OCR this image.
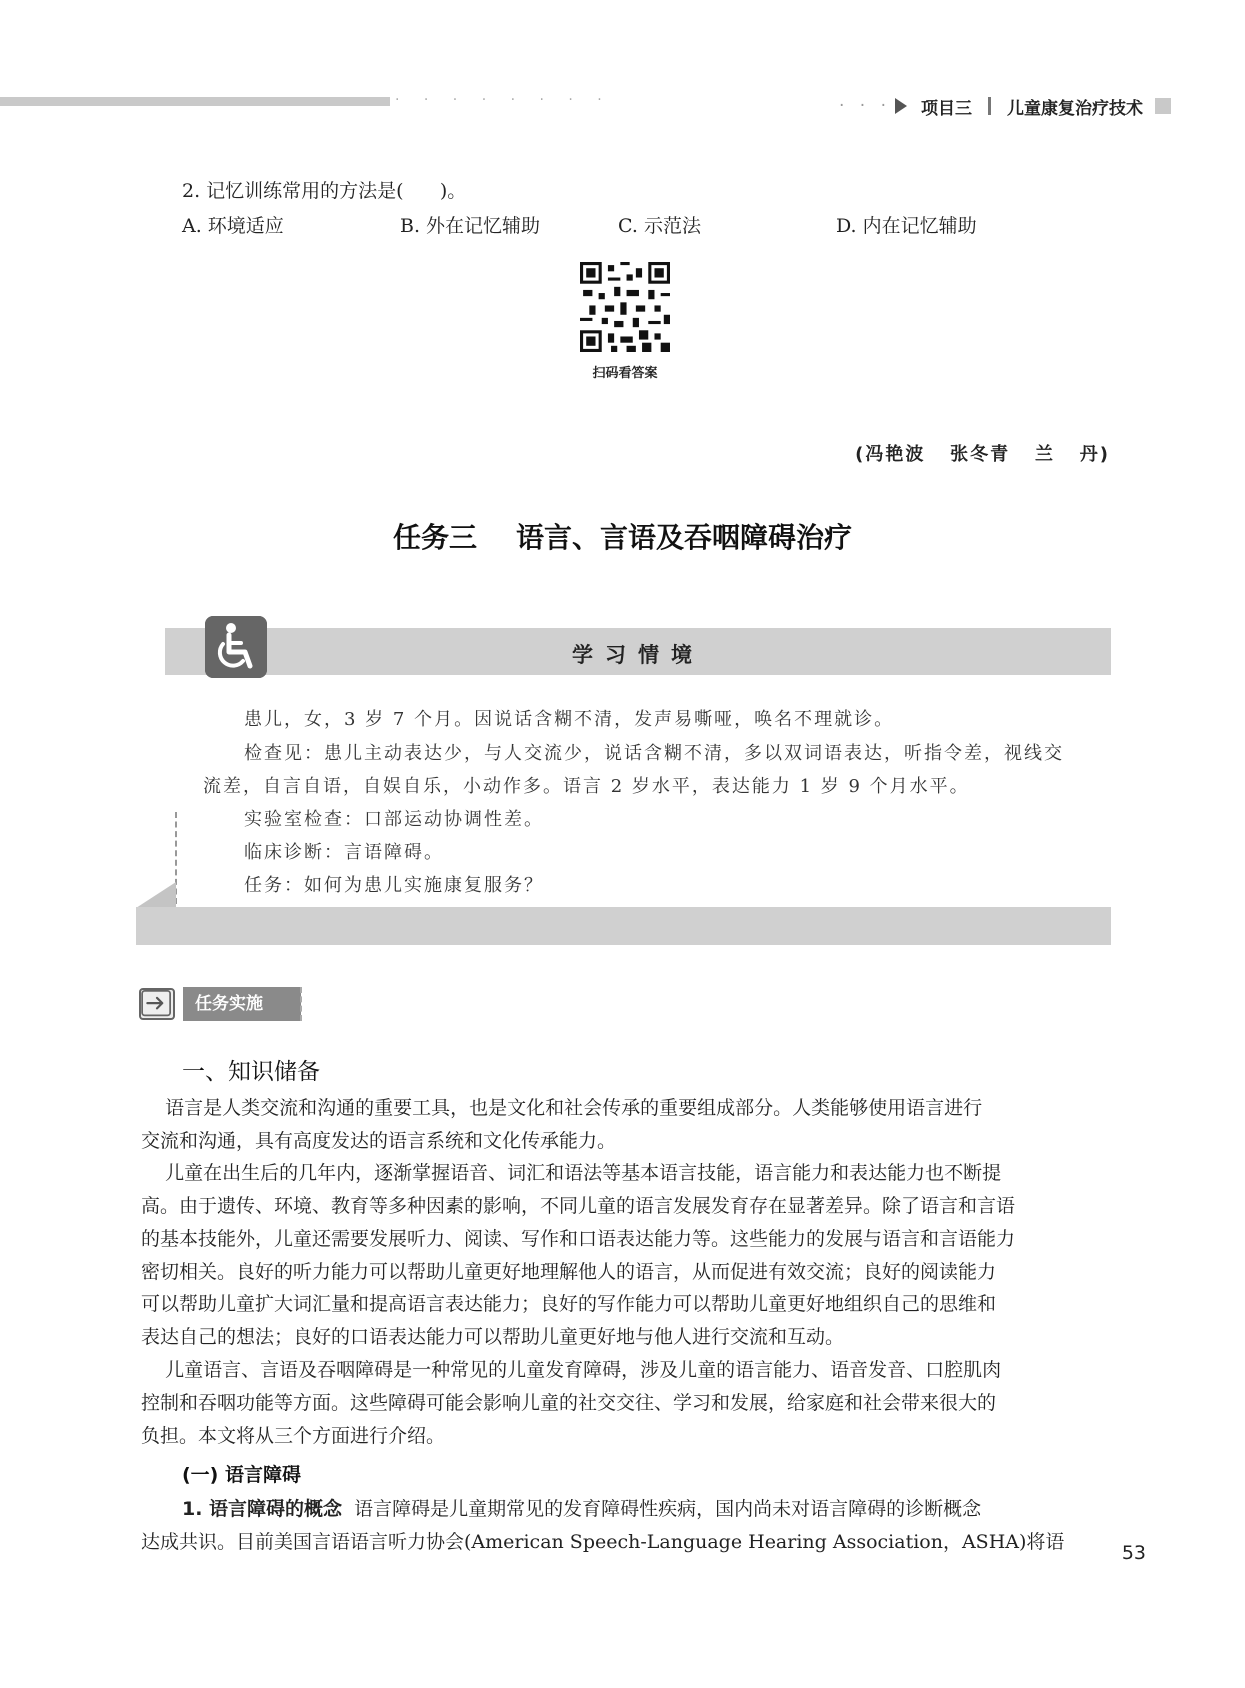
· · · · · · · ·	· · · 项目三 儿童康复治疗技术
2. 记忆训练常用的方法是(      )。
A. 环境适应	B. 外在记忆辅助	C. 示范法	D. 内在记忆辅助
扫码看答案
(冯艳波   张冬青   兰   丹)
任务三    语言、言语及吞咽障碍治疗
学习情境
患儿，女，3 岁 7 个月。因说话含糊不清，发声易嘶哑，唤名不理就诊。
检查见：患儿主动表达少，与人交流少，说话含糊不清，多以双词语表达，听指令差，视线交
流差，自言自语，自娱自乐，小动作多。语言 2 岁水平，表达能力 1 岁 9 个月水平。
实验室检查：口部运动协调性差。
临床诊断：言语障碍。
任务：如何为患儿实施康复服务？
任务实施
一、知识储备
语言是人类交流和沟通的重要工具，也是文化和社会传承的重要组成部分。人类能够使用语言进行
交流和沟通，具有高度发达的语言系统和文化传承能力。
儿童在出生后的几年内，逐渐掌握语音、词汇和语法等基本语言技能，语言能力和表达能力也不断提
高。由于遗传、环境、教育等多种因素的影响，不同儿童的语言发展发育存在显著差异。除了语言和言语
的基本技能外，儿童还需要发展听力、阅读、写作和口语表达能力等。这些能力的发展与语言和言语能力
密切相关。良好的听力能力可以帮助儿童更好地理解他人的语言，从而促进有效交流；良好的阅读能力
可以帮助儿童扩大词汇量和提高语言表达能力；良好的写作能力可以帮助儿童更好地组织自己的思维和
表达自己的想法；良好的口语表达能力可以帮助儿童更好地与他人进行交流和互动。
儿童语言、言语及吞咽障碍是一种常见的儿童发育障碍，涉及儿童的语言能力、语音发音、口腔肌肉
控制和吞咽功能等方面。这些障碍可能会影响儿童的社交交往、学习和发展，给家庭和社会带来很大的
负担。本文将从三个方面进行介绍。
(一) 语言障碍
1. 语言障碍的概念  语言障碍是儿童期常见的发育障碍性疾病，国内尚未对语言障碍的诊断概念
达成共识。目前美国言语语言听力协会(American Speech-Language Hearing Association，ASHA)将语	53
